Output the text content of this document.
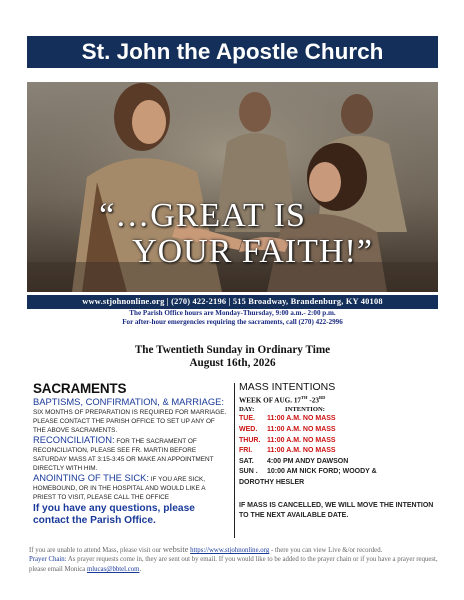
St. John the Apostle Church
“…GREAT IS
YOUR FAITH!”
www.stjohnonline.org | (270) 422-2196 | 515 Broadway, Brandenburg, KY 40108
The Parish Office hours are Monday-Thursday, 9:00 a.m.- 2:00 p.m.
For after-hour emergencies requiring the sacraments, call (270) 422-2996
The Twentieth Sunday in Ordinary Time
August 16th, 2026
SACRAMENTS
BAPTISMS, CONFIRMATION, & MARRIAGE:
SIX MONTHS OF PREPARATION IS REQUIRED FOR MARRIAGE. PLEASE CONTACT THE PARISH OFFICE TO SET UP ANY OF THE ABOVE SACRAMENTS.
RECONCILIATION: FOR THE SACRAMENT OF RECONCILIATION, PLEASE SEE FR. MARTIN BEFORE SATURDAY MASS AT 3:15-3:45 OR MAKE AN APPOINTMENT DIRECTLY WITH HIM.
ANOINTING OF THE SICK: IF YOU ARE SICK, HOMEBOUND, OR IN THE HOSPITAL AND WOULD LIKE A PRIEST TO VISIT, PLEASE CALL THE OFFICE
If you have any questions, please contact the Parish Office.
MASS INTENTIONS
WEEK OF AUG. 17TH -23RD
DAY:	INTENTION:
TUE. 11:00 A.M. NO MASS
WED. 11:00 A.M. NO MASS
THUR. 11:00 A.M. NO MASS
FRI. 11:00 A.M. NO MASS
SAT. 4:00 PM ANDY DAWSON
SUN . 10:00 AM NICK FORD; WOODY &
DOROTHY HESLER
IF MASS IS CANCELLED, WE WILL MOVE THE INTENTION TO THE NEXT AVAILABLE DATE.
If you are unable to attend Mass, please visit our website https://www.stjohnonline.org - there you can view Live &/or recorded.
Prayer Chain: As prayer requests come in, they are sent out by email. If you would like to be added to the prayer chain or if you have a prayer request, please email Monica mlucas@bbtel.com.
